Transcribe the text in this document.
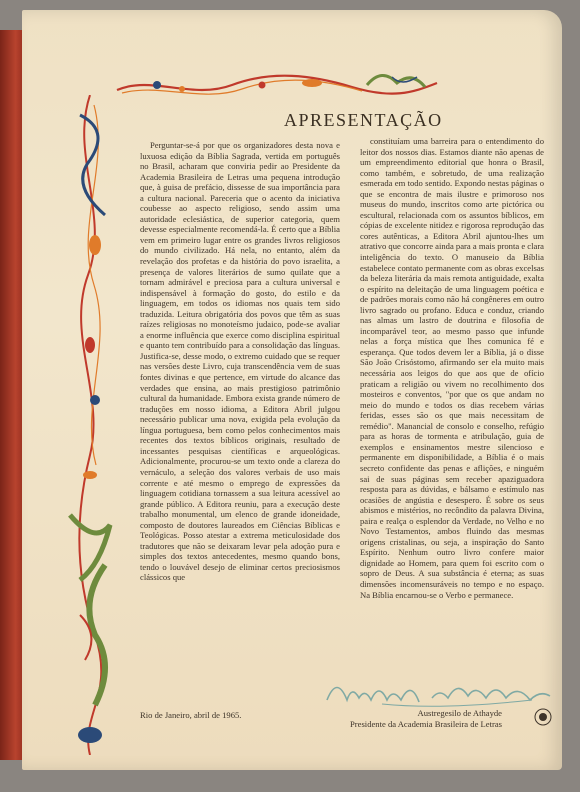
APRESENTAÇÃO
Perguntar-se-á por que os organizadores desta nova e luxuosa edição da Bíblia Sagrada, vertida em português no Brasil, acharam que conviria pedir ao Presidente da Academia Brasileira de Letras uma pequena introdução que, à guisa de prefácio, dissesse de sua importância para a cultura nacional. Pareceria que o acento da iniciativa coubesse ao aspecto religioso, sendo assim uma autoridade eclesiástica, de superior categoria, quem devesse especialmente recomendá-la. É certo que a Bíblia vem em primeiro lugar entre os grandes livros religiosos do mundo civilizado. Há nela, no entanto, além da revelação dos profetas e da história do povo israelita, a presença de valores literários de sumo quilate que a tornam admirável e preciosa para a cultura universal e indispensável à formação do gosto, do estilo e da linguagem, em todos os idiomas nos quais tem sido traduzida. Leitura obrigatória dos povos que têm as suas raízes religiosas no monoteísmo judaico, pode-se avaliar a enorme influência que exerce como disciplina espiritual e quanto tem contribuído para a consolidação das línguas. Justifica-se, desse modo, o extremo cuidado que se requer nas versões deste Livro, cuja transcendência vem de suas fontes divinas e que pertence, em virtude do alcance das verdades que ensina, ao mais prestigioso patrimônio cultural da humanidade. Embora exista grande número de traduções em nosso idioma, a Editora Abril julgou necessário publicar uma nova, exigida pela evolução da língua portuguesa, bem como pelos conhecimentos mais recentes dos textos bíblicos originais, resultado de incessantes pesquisas científicas e arqueológicas. Adicionalmente, procurou-se um texto onde a clareza do vernáculo, a seleção dos valores verbais de uso mais corrente e até mesmo o emprego de expressões da linguagem cotidiana tornassem a sua leitura acessível ao grande público. A Editora reuniu, para a execução deste trabalho monumental, um elenco de grande idoneidade, composto de doutores laureados em Ciências Bíblicas e Teológicas. Posso atestar a extrema meticulosidade dos tradutores que não se deixaram levar pela adoção pura e simples dos textos antecedentes, mesmo quando bons, tendo o louvável desejo de eliminar certos preciosismos clássicos que
constituíam uma barreira para o entendimento do leitor dos nossos dias. Estamos diante não apenas de um empreendimento editorial que honra o Brasil, como também, e sobretudo, de uma realização esmerada em todo sentido. Expondo nestas páginas o que se encontra de mais ilustre e primoroso nos museus do mundo, inscritos como arte pictórica ou escultural, relacionada com os assuntos bíblicos, em cópias de excelente nitidez e rigorosa reprodução das cores autênticas, a Editora Abril ajuntou-lhes um atrativo que concorre ainda para a mais pronta e clara inteligência do texto. O manuseio da Bíblia estabelece contato permanente com as obras excelsas da beleza literária da mais remota antiguidade, exalta o espírito na deleitação de uma linguagem poética e de padrões morais como não há congêneres em outro livro sagrado ou profano. Educa e conduz, criando nas almas um lastro de doutrina e filosofia de incomparável teor, ao mesmo passo que infunde nelas a força mística que lhes comunica fé e esperança. Que todos devem ler a Bíblia, já o disse São João Crisóstomo, afirmando ser ela muito mais necessária aos leigos do que aos que de ofício praticam a religião ou vivem no recolhimento dos mosteiros e conventos, "por que os que andam no meio do mundo e todos os dias recebem várias feridas, esses são os que mais necessitam de remédio". Manancial de consolo e conselho, refúgio para as horas de tormenta e atribulação, guia de exemplos e ensinamentos mestre silencioso e permanente em disponibilidade, a Bíblia é o mais secreto confidente das penas e aflições, e ninguém sai de suas páginas sem receber apaziguadora resposta para as dúvidas, e bálsamo e estímulo nas ocasiões de angústia e desespero. É sobre os seus abismos e mistérios, no recôndito da palavra Divina, paira e realça o esplendor da Verdade, no Velho e no Novo Testamentos, ambos fluindo das mesmas origens cristalinas, ou seja, a inspiração do Santo Espírito. Nenhum outro livro confere maior dignidade ao Homem, para quem foi escrito com o sopro de Deus. A sua substância é eterna; as suas dimensões incomensuráveis no tempo e no espaço. Na Bíblia encarnou-se o Verbo e permanece.
Rio de Janeiro, abril de 1965.	Austregesilo de Athayde
Presidente da Academia Brasileira de Letras
